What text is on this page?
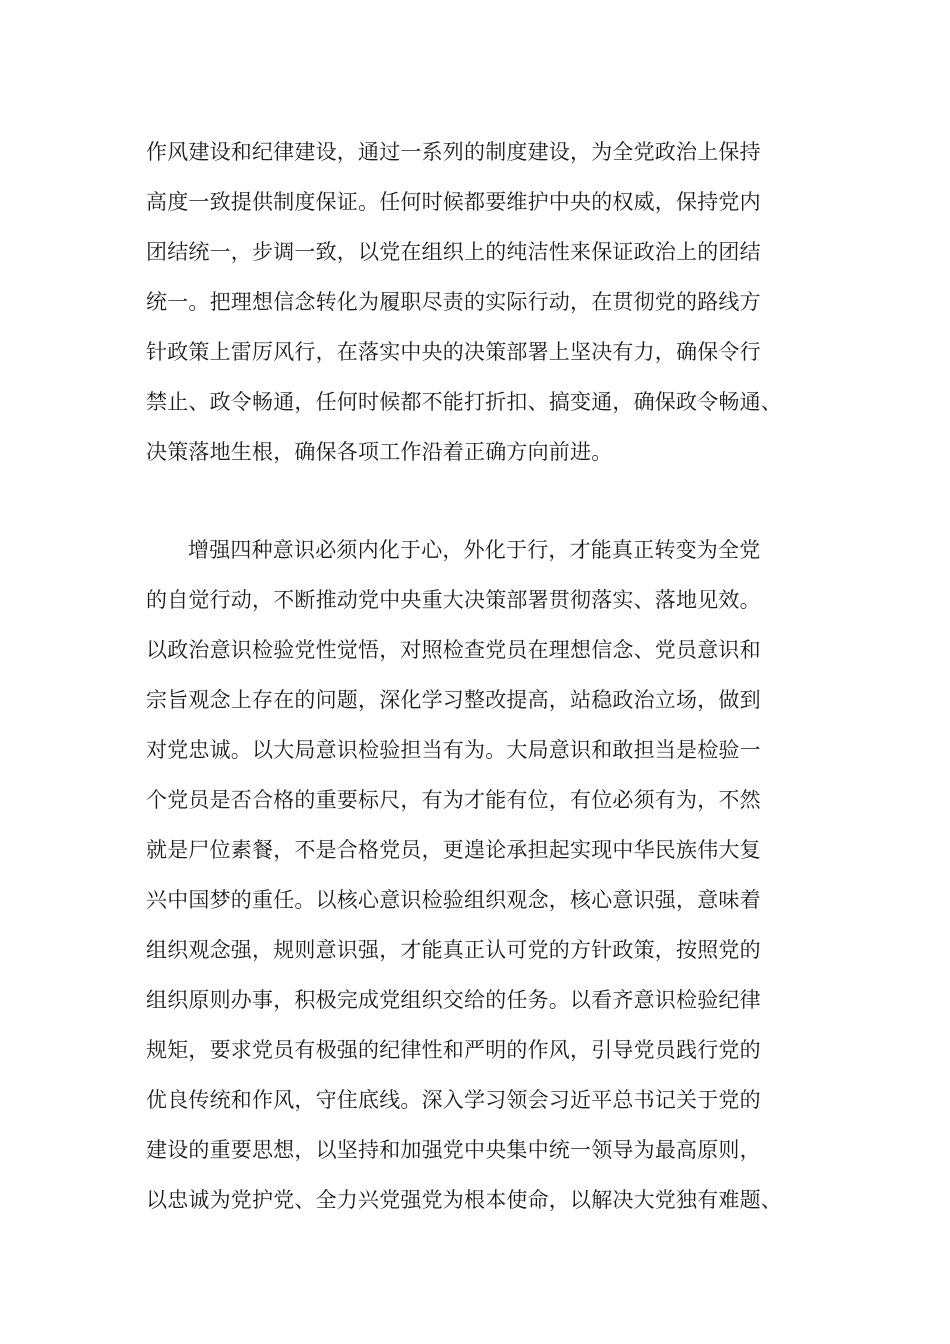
作风建设和纪律建设，通过一系列的制度建设，为全党政治上保持
高度一致提供制度保证。任何时候都要维护中央的权威，保持党内
团结统一，步调一致，以党在组织上的纯洁性来保证政治上的团结
统一。把理想信念转化为履职尽责的实际行动，在贯彻党的路线方
针政策上雷厉风行，在落实中央的决策部署上坚决有力，确保令行
禁止、政令畅通，任何时候都不能打折扣、搞变通，确保政令畅通、
决策落地生根，确保各项工作沿着正确方向前进。
增强四种意识必须内化于心，外化于行，才能真正转变为全党
的自觉行动，不断推动党中央重大决策部署贯彻落实、落地见效。
以政治意识检验党性觉悟，对照检查党员在理想信念、党员意识和
宗旨观念上存在的问题，深化学习整改提高，站稳政治立场，做到
对党忠诚。以大局意识检验担当有为。大局意识和敢担当是检验一
个党员是否合格的重要标尺，有为才能有位，有位必须有为，不然
就是尸位素餐，不是合格党员，更遑论承担起实现中华民族伟大复
兴中国梦的重任。以核心意识检验组织观念，核心意识强，意味着
组织观念强，规则意识强，才能真正认可党的方针政策，按照党的
组织原则办事，积极完成党组织交给的任务。以看齐意识检验纪律
规矩，要求党员有极强的纪律性和严明的作风，引导党员践行党的
优良传统和作风，守住底线。深入学习领会习近平总书记关于党的
建设的重要思想，以坚持和加强党中央集中统一领导为最高原则，
以忠诚为党护党、全力兴党强党为根本使命，以解决大党独有难题、
